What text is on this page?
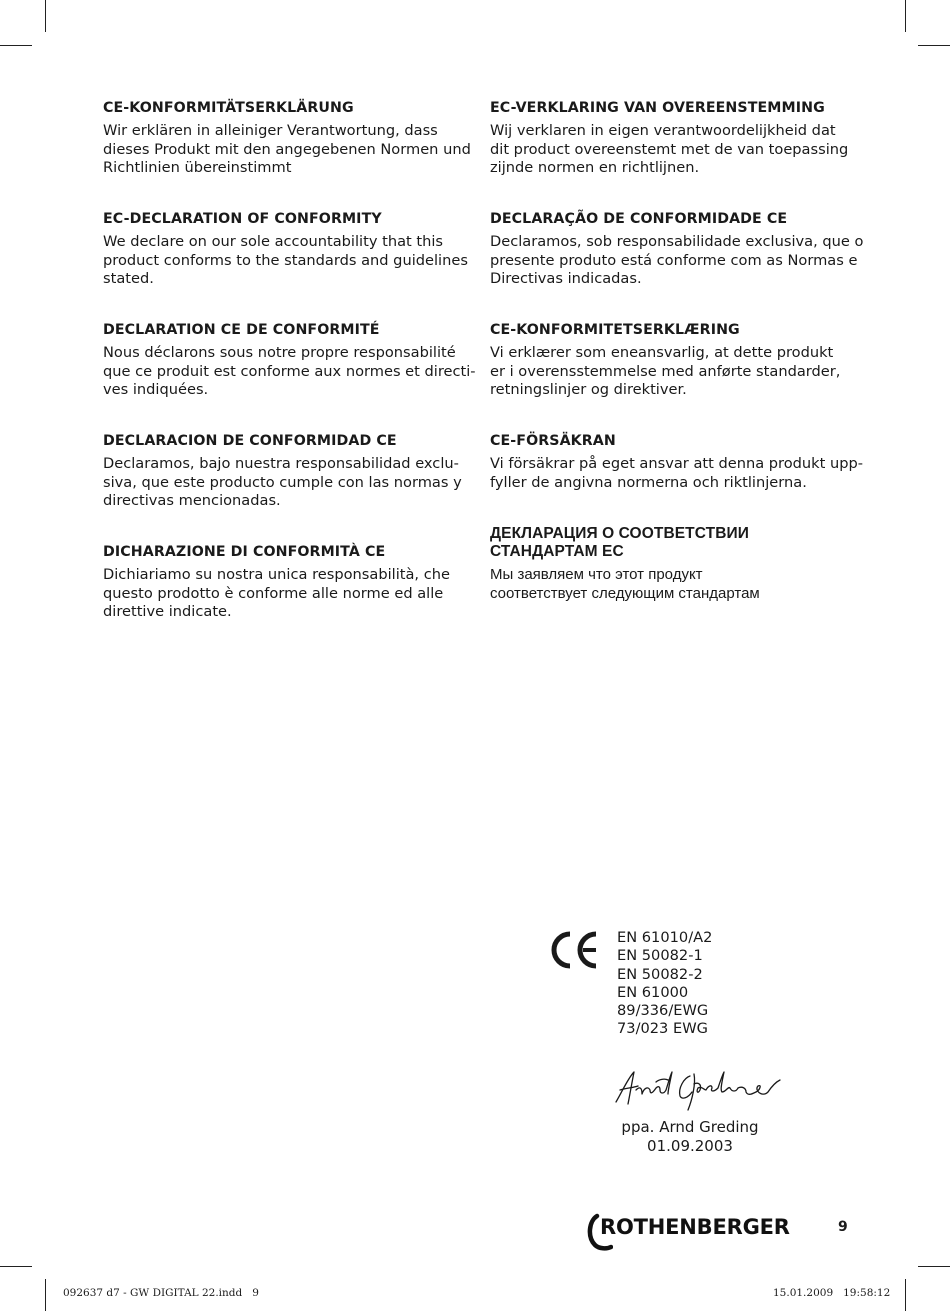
CE-KONFORMITÄTSERKLÄRUNG

Wir erklären in alleiniger Verantwortung, dass
dieses Produkt mit den angegebenen Normen und
Richtlinien übereinstimmt

EC-DECLARATION OF CONFORMITY

We declare on our sole accountability that this
product conforms to the standards and guidelines
stated.

DECLARATION CE DE CONFORMITÉ

Nous déclarons sous notre propre responsabilité
que ce produit est conforme aux normes et directi-
ves indiquées.

DECLARACION DE CONFORMIDAD CE

Declaramos, bajo nuestra responsabilidad exclu-
siva, que este producto cumple con las normas y
directivas mencionadas.

DICHARAZIONE DI CONFORMITÀ CE

Dichiariamo su nostra unica responsabilità, che
questo prodotto è conforme alle norme ed alle
direttive indicate.

EC-VERKLARING VAN OVEREENSTEMMING

Wij verklaren in eigen verantwoordelijkheid dat
dit product overeenstemt met de van toepassing
zijnde normen en richtlijnen.

DECLARAÇÃO DE CONFORMIDADE CE

Declaramos, sob responsabilidade exclusiva, que o
presente produto está conforme com as Normas e
Directivas indicadas.

CE-KONFORMITETSERKLÆRING

Vi erklærer som eneansvarlig, at dette produkt
er i overensstemmelse med anførte standarder,
retningslinjer og direktiver.

CE-FÖRSÄKRAN

Vi försäkrar på eget ansvar att denna produkt upp-
fyller de angivna normerna och riktlinjerna.

ДЕКЛАРАЦИЯ О СООТВЕТСТВИИ
СТАНДАРТАМ ЕС

Мы заявляем что этот продукт
соответствует следующим стандартам

EN 61010/A2
EN 50082-1
EN 50082-2
EN 61000
89/336/EWG
73/023 EWG
ppa. Arnd Greding
01.09.2003
ROTHENBERGER	9
092637 d7 - GW DIGITAL 22.indd   9	15.01.2009   19:58:12
